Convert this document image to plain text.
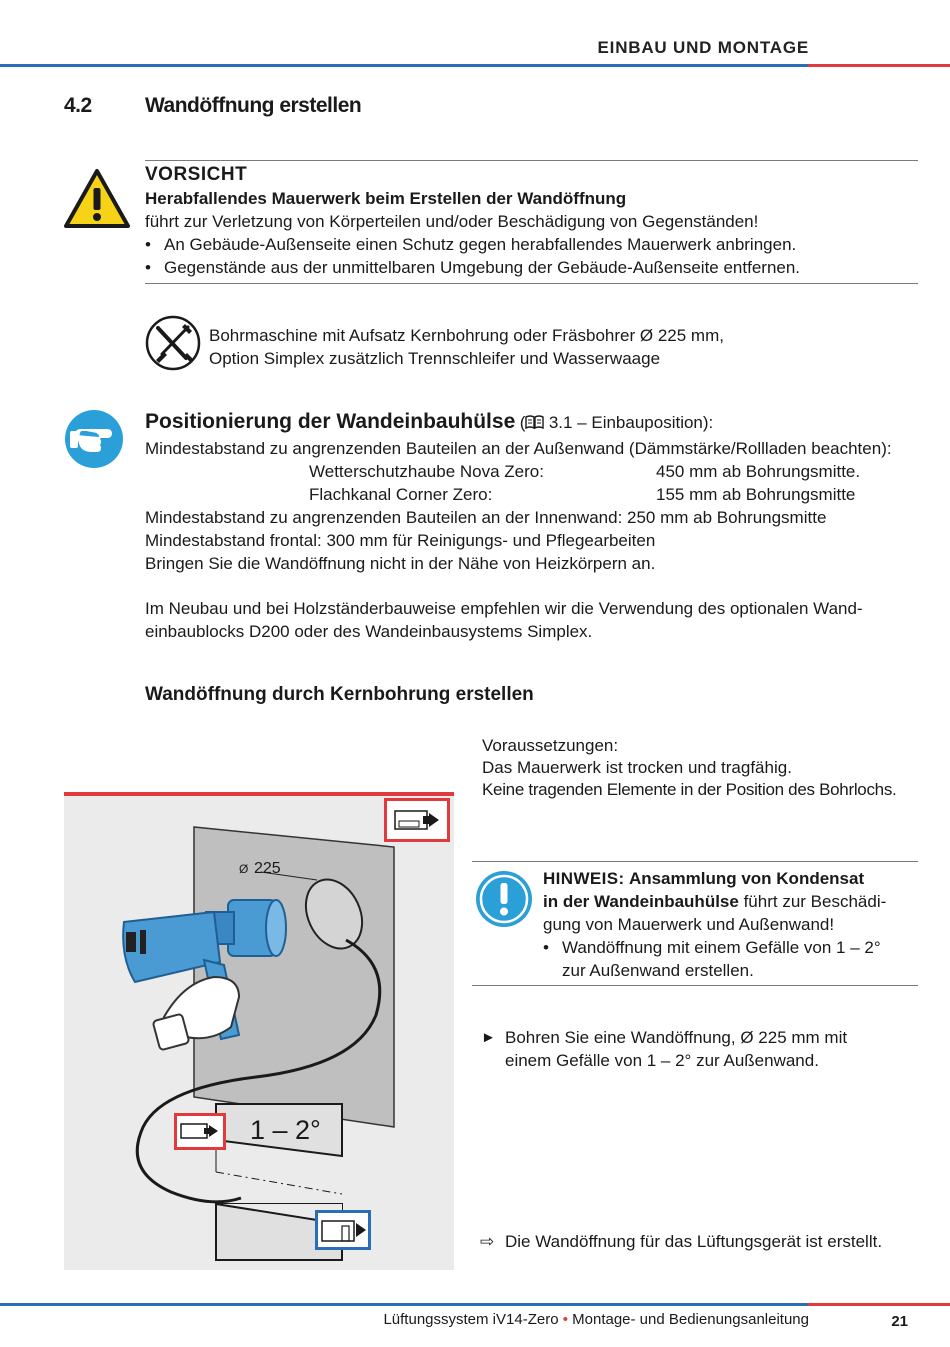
EINBAU UND MONTAGE
4.2	Wandöffnung erstellen
VORSICHT
Herabfallendes Mauerwerk beim Erstellen der Wandöffnung
führt zur Verletzung von Körperteilen und/oder Beschädigung von Gegenständen!
• An Gebäude-Außenseite einen Schutz gegen herabfallendes Mauerwerk anbringen.
• Gegenstände aus der unmittelbaren Umgebung der Gebäude-Außenseite entfernen.
Bohrmaschine mit Aufsatz Kernbohrung oder Fräsbohrer Ø 225 mm,
Option Simplex zusätzlich Trennschleifer und Wasserwaage
Positionierung der Wandeinbauhülse ( 3.1 – Einbauposition):
Mindestabstand zu angrenzenden Bauteilen an der Außenwand (Dämmstärke/Rollladen beachten):
Wetterschutzhaube Nova Zero:	450 mm ab Bohrungsmitte.
Flachkanal Corner Zero:	155 mm ab Bohrungsmitte
Mindestabstand zu angrenzenden Bauteilen an der Innenwand: 250 mm ab Bohrungsmitte
Mindestabstand frontal: 300 mm für Reinigungs- und Pflegearbeiten
Bringen Sie die Wandöffnung nicht in der Nähe von Heizkörpern an.
Im Neubau und bei Holzständerbauweise empfehlen wir die Verwendung des optionalen Wand-
einbaublocks D200 oder des Wandeinbausystems Simplex.
Wandöffnung durch Kernbohrung erstellen
Voraussetzungen:
Das Mauerwerk ist trocken und tragfähig.
Keine tragenden Elemente in der Position des Bohrlochs.
HINWEIS: Ansammlung von Kondensat
in der Wandeinbauhülse führt zur Beschädi-
gung von Mauerwerk und Außenwand!
• Wandöffnung mit einem Gefälle von 1 – 2°
zur Außenwand erstellen.
► Bohren Sie eine Wandöffnung, Ø 225 mm mit
einem Gefälle von 1 – 2° zur Außenwand.
⇨ Die Wandöffnung für das Lüftungsgerät ist erstellt.
Ø 225
1 – 2°
Lüftungssystem iV14-Zero • Montage- und Bedienungsanleitung	21
